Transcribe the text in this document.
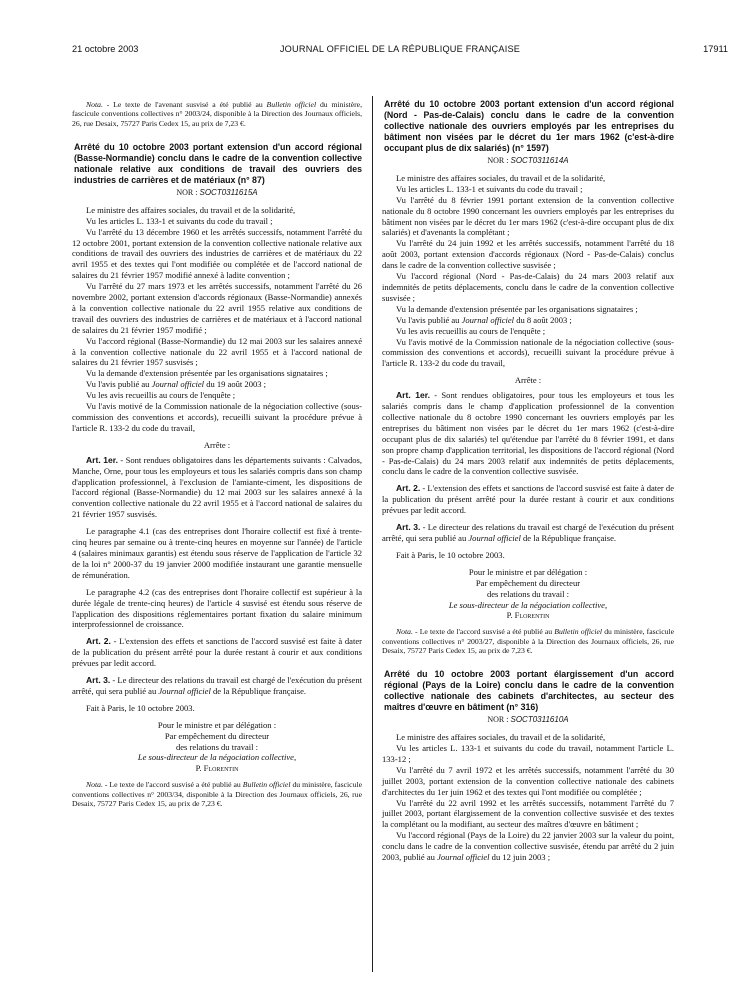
21 octobre 2003	JOURNAL OFFICIEL DE LA RÉPUBLIQUE FRANÇAISE	17911

Nota. - Le texte de l'avenant susvisé a été publié au Bulletin officiel du ministère, fascicule conventions collectives n° 2003/24, disponible à la Direction des Journaux officiels, 26, rue Desaix, 75727 Paris Cedex 15, au prix de 7,23 €.

Arrêté du 10 octobre 2003 portant extension d'un accord régional (Basse-Normandie) conclu dans le cadre de la convention collective nationale relative aux conditions de travail des ouvriers des industries de carrières et de matériaux (n° 87)

NOR : SOCT0311615A

Le ministre des affaires sociales, du travail et de la solidarité,

Vu les articles L. 133-1 et suivants du code du travail ;

Vu l'arrêté du 13 décembre 1960 et les arrêtés successifs, notamment l'arrêté du 12 octobre 2001, portant extension de la convention collective nationale relative aux conditions de travail des ouvriers des industries de carrières et de matériaux du 22 avril 1955 et des textes qui l'ont modifiée ou complétée et de l'accord national de salaires du 21 février 1957 modifié annexé à ladite convention ;

Vu l'arrêté du 27 mars 1973 et les arrêtés successifs, notamment l'arrêté du 26 novembre 2002, portant extension d'accords régionaux (Basse-Normandie) annexés à la convention collective nationale du 22 avril 1955 relative aux conditions de travail des ouvriers des industries de carrières et de matériaux et à l'accord national de salaires du 21 février 1957 modifié ;

Vu l'accord régional (Basse-Normandie) du 12 mai 2003 sur les salaires annexé à la convention collective nationale du 22 avril 1955 et à l'accord national de salaires du 21 février 1957 susvisés ;

Vu la demande d'extension présentée par les organisations signataires ;

Vu l'avis publié au Journal officiel du 19 août 2003 ;

Vu les avis recueillis au cours de l'enquête ;

Vu l'avis motivé de la Commission nationale de la négociation collective (sous-commission des conventions et accords), recueilli suivant la procédure prévue à l'article R. 133-2 du code du travail,

Arrête :

Art. 1er. - Sont rendues obligatoires dans les départements suivants : Calvados, Manche, Orne, pour tous les employeurs et tous les salariés compris dans son champ d'application professionnel, à l'exclusion de l'amiante-ciment, les dispositions de l'accord régional (Basse-Normandie) du 12 mai 2003 sur les salaires annexé à la convention collective nationale du 22 avril 1955 et à l'accord national de salaires du 21 février 1957 susvisés.

Le paragraphe 4.1 (cas des entreprises dont l'horaire collectif est fixé à trente-cinq heures par semaine ou à trente-cinq heures en moyenne sur l'année) de l'article 4 (salaires minimaux garantis) est étendu sous réserve de l'application de l'article 32 de la loi n° 2000-37 du 19 janvier 2000 modifiée instaurant une garantie mensuelle de rémunération.

Le paragraphe 4.2 (cas des entreprises dont l'horaire collectif est supérieur à la durée légale de trente-cinq heures) de l'article 4 susvisé est étendu sous réserve de l'application des dispositions réglementaires portant fixation du salaire minimum interprofessionnel de croissance.

Art. 2. - L'extension des effets et sanctions de l'accord susvisé est faite à dater de la publication du présent arrêté pour la durée restant à courir et aux conditions prévues par ledit accord.

Art. 3. - Le directeur des relations du travail est chargé de l'exécution du présent arrêté, qui sera publié au Journal officiel de la République française.

Fait à Paris, le 10 octobre 2003.

Pour le ministre et par délégation :

Par empêchement du directeur

des relations du travail :

Le sous-directeur de la négociation collective,

P. Florentin

Nota. - Le texte de l'accord susvisé a été publié au Bulletin officiel du ministère, fascicule conventions collectives n° 2003/34, disponible à la Direction des Journaux officiels, 26, rue Desaix, 75727 Paris Cedex 15, au prix de 7,23 €.

Arrêté du 10 octobre 2003 portant extension d'un accord régional (Nord - Pas-de-Calais) conclu dans le cadre de la convention collective nationale des ouvriers employés par les entreprises du bâtiment non visées par le décret du 1er mars 1962 (c'est-à-dire occupant plus de dix salariés) (n° 1597)

NOR : SOCT0311614A

Le ministre des affaires sociales, du travail et de la solidarité,

Vu les articles L. 133-1 et suivants du code du travail ;

Vu l'arrêté du 8 février 1991 portant extension de la convention collective nationale du 8 octobre 1990 concernant les ouvriers employés par les entreprises du bâtiment non visées par le décret du 1er mars 1962 (c'est-à-dire occupant plus de dix salariés) et d'avenants la complétant ;

Vu l'arrêté du 24 juin 1992 et les arrêtés successifs, notamment l'arrêté du 18 août 2003, portant extension d'accords régionaux (Nord - Pas-de-Calais) conclus dans le cadre de la convention collective susvisée ;

Vu l'accord régional (Nord - Pas-de-Calais) du 24 mars 2003 relatif aux indemnités de petits déplacements, conclu dans le cadre de la convention collective susvisée ;

Vu la demande d'extension présentée par les organisations signataires ;

Vu l'avis publié au Journal officiel du 8 août 2003 ;

Vu les avis recueillis au cours de l'enquête ;

Vu l'avis motivé de la Commission nationale de la négociation collective (sous-commission des conventions et accords), recueilli suivant la procédure prévue à l'article R. 133-2 du code du travail,

Arrête :

Art. 1er. - Sont rendues obligatoires, pour tous les employeurs et tous les salariés compris dans le champ d'application professionnel de la convention collective nationale du 8 octobre 1990 concernant les ouvriers employés par les entreprises du bâtiment non visées par le décret du 1er mars 1962 (c'est-à-dire occupant plus de dix salariés) tel qu'étendue par l'arrêté du 8 février 1991, et dans son propre champ d'application territorial, les dispositions de l'accord régional (Nord - Pas-de-Calais) du 24 mars 2003 relatif aux indemnités de petits déplacements, conclu dans le cadre de la convention collective susvisée.

Art. 2. - L'extension des effets et sanctions de l'accord susvisé est faite à dater de la publication du présent arrêté pour la durée restant à courir et aux conditions prévues par ledit accord.

Art. 3. - Le directeur des relations du travail est chargé de l'exécution du présent arrêté, qui sera publié au Journal officiel de la République française.

Fait à Paris, le 10 octobre 2003.

Pour le ministre et par délégation :

Par empêchement du directeur

des relations du travail :

Le sous-directeur de la négociation collective,

P. Florentin

Nota. - Le texte de l'accord susvisé a été publié au Bulletin officiel du ministère, fascicule conventions collectives n° 2003/27, disponible à la Direction des Journaux officiels, 26, rue Desaix, 75727 Paris Cedex 15, au prix de 7,23 €.

Arrêté du 10 octobre 2003 portant élargissement d'un accord régional (Pays de la Loire) conclu dans le cadre de la convention collective nationale des cabinets d'architectes, au secteur des maîtres d'œuvre en bâtiment (n° 316)

NOR : SOCT0311610A

Le ministre des affaires sociales, du travail et de la solidarité,

Vu les articles L. 133-1 et suivants du code du travail, notamment l'article L. 133-12 ;

Vu l'arrêté du 7 avril 1972 et les arrêtés successifs, notamment l'arrêté du 30 juillet 2003, portant extension de la convention collective nationale des cabinets d'architectes du 1er juin 1962 et des textes qui l'ont modifiée ou complétée ;

Vu l'arrêté du 22 avril 1992 et les arrêtés successifs, notamment l'arrêté du 7 juillet 2003, portant élargissement de la convention collective susvisée et des textes la complétant ou la modifiant, au secteur des maîtres d'œuvre en bâtiment ;

Vu l'accord régional (Pays de la Loire) du 22 janvier 2003 sur la valeur du point, conclu dans le cadre de la convention collective susvisée, étendu par arrêté du 2 juin 2003, publié au Journal officiel du 12 juin 2003 ;
